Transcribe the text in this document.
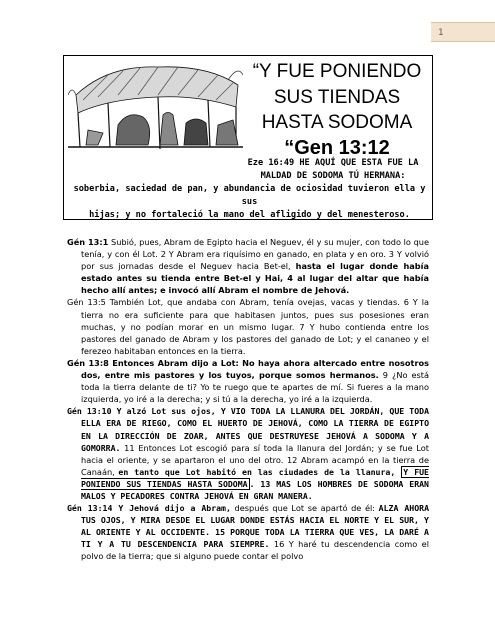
1
“Y FUE PONIENDO
SUS TIENDAS
HASTA SODOMA
“Gen 13:12
Eze 16:49 HE AQUÍ QUE ESTA FUE LA
MALDAD DE SODOMA TÚ HERMANA:
soberbia, saciedad de pan, y abundancia de ociosidad tuvieron ella y sus
hijas; y no fortaleció la mano del afligido y del menesteroso.

Gén 13:1 Subió, pues, Abram de Egipto hacia el Neguev, él y su mujer, con todo lo que tenía, y con él Lot. 2 Y Abram era riquísimo en ganado, en plata y en oro. 3 Y volvió por sus jornadas desde el Neguev hacia Bet-el, hasta el lugar donde había estado antes su tienda entre Bet-el y Hai, 4 al lugar del altar que había hecho allí antes; e invocó allí Abram el nombre de Jehová.

Gén 13:5 También Lot, que andaba con Abram, tenía ovejas, vacas y tiendas. 6 Y la tierra no era suficiente para que habitasen juntos, pues sus posesiones eran muchas, y no podían morar en un mismo lugar. 7 Y hubo contienda entre los pastores del ganado de Abram y los pastores del ganado de Lot; y el cananeo y el ferezeo habitaban entonces en la tierra.

Gén 13:8 Entonces Abram dijo a Lot: No haya ahora altercado entre nosotros dos, entre mis pastores y los tuyos, porque somos hermanos. 9 ¿No está toda la tierra delante de ti? Yo te ruego que te apartes de mí. Si fueres a la mano izquierda, yo iré a la derecha; y si tú a la derecha, yo iré a la izquierda.

Gén 13:10 Y alzó Lot sus ojos, Y VIO TODA LA LLANURA DEL JORDÁN, QUE TODA ELLA ERA DE RIEGO, COMO EL HUERTO DE JEHOVÁ, COMO LA TIERRA DE EGIPTO EN LA DIRECCIÓN DE ZOAR, ANTES QUE DESTRUYESE JEHOVÁ A SODOMA Y A GOMORRA. 11 Entonces Lot escogió para sí toda la llanura del Jordán; y se fue Lot hacia el oriente, y se apartaron el uno del otro. 12 Abram acampó en la tierra de Canaán, en tanto que Lot habitó en las ciudades de la llanura, Y FUE PONIENDO SUS TIENDAS HASTA SODOMA . 13 MAS LOS HOMBRES DE SODOMA ERAN MALOS Y PECADORES CONTRA JEHOVÁ EN GRAN MANERA.

Gén 13:14 Y Jehová dijo a Abram, después que Lot se apartó de él: ALZA AHORA TUS OJOS, Y MIRA DESDE EL LUGAR DONDE ESTÁS HACIA EL NORTE Y EL SUR, Y AL ORIENTE Y AL OCCIDENTE. 15 PORQUE TODA LA TIERRA QUE VES, LA DARÉ A TI Y A TU DESCENDENCIA PARA SIEMPRE. 16 Y haré tu descendencia como el polvo de la tierra; que si alguno puede contar el polvo
